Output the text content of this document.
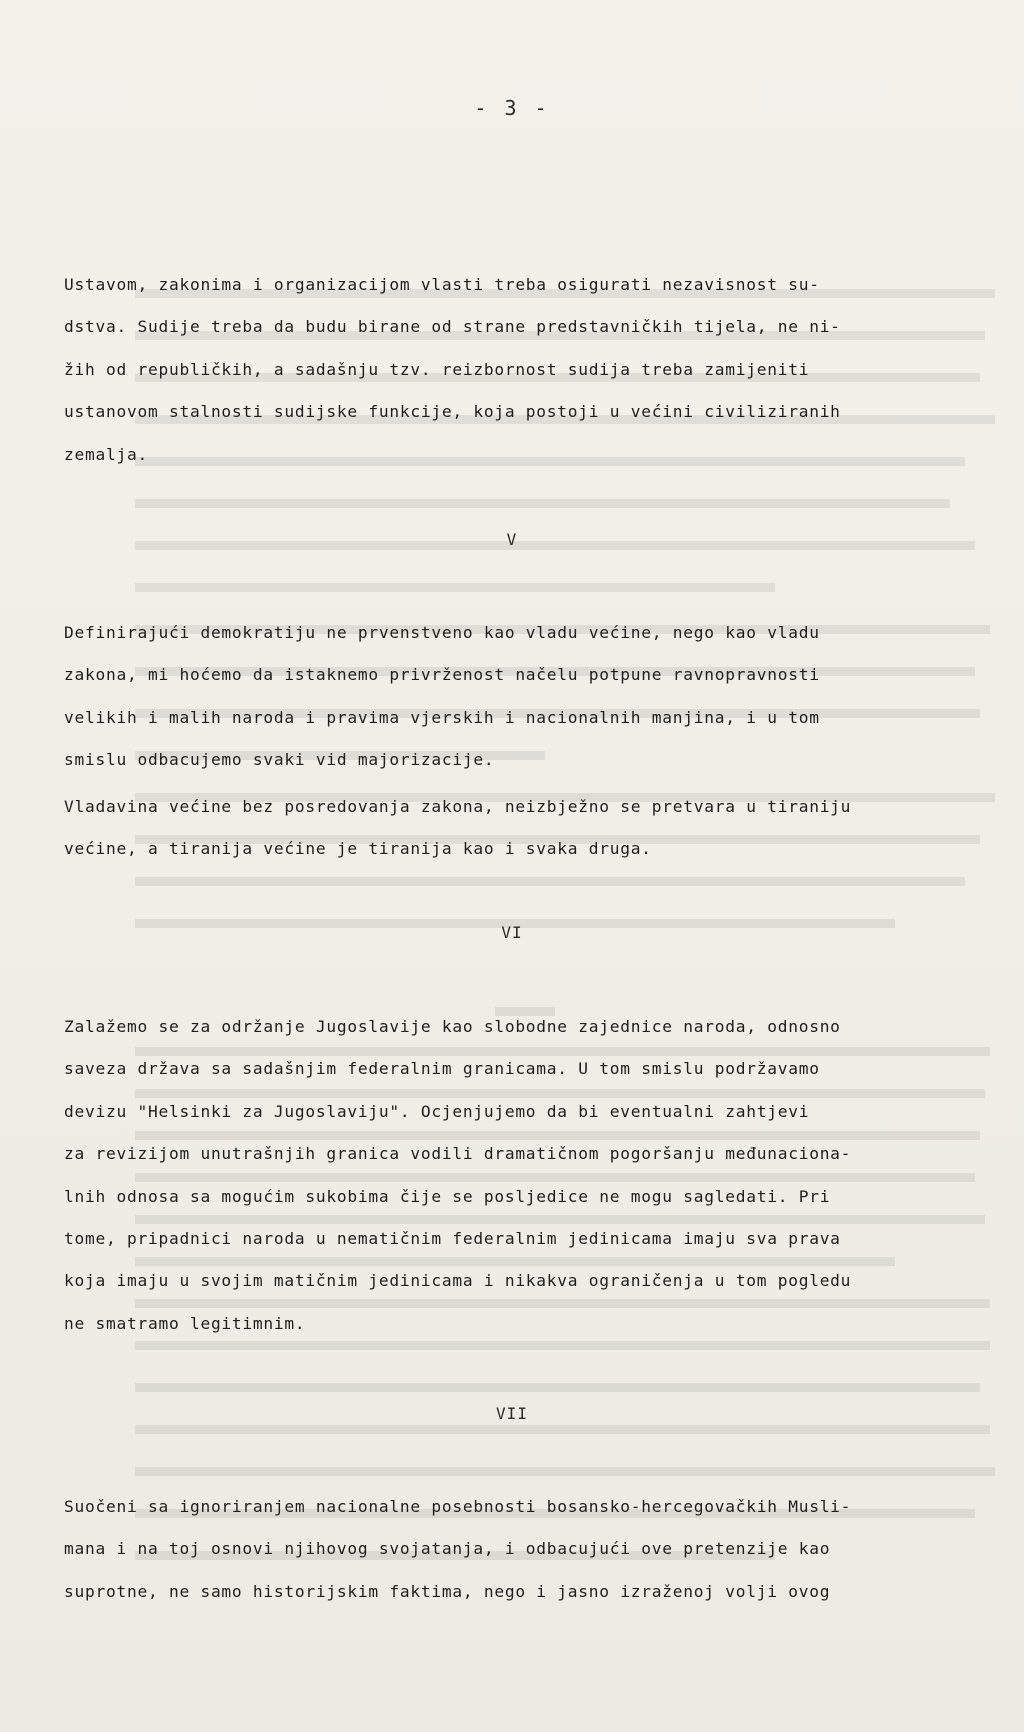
- 3 -
Ustavom, zakonima i organizacijom vlasti treba osigurati nezavisnost su-
dstva. Sudije treba da budu birane od strane predstavničkih tijela, ne ni-
žih od republičkih, a sadašnju tzv. reizbornost sudija treba zamijeniti
ustanovom stalnosti sudijske funkcije, koja postoji u većini civiliziranih
zemalja.
V
Definirajući demokratiju ne prvenstveno kao vladu većine, nego kao vladu
zakona, mi hoćemo da istaknemo privrženost načelu potpune ravnopravnosti
velikih i malih naroda i pravima vjerskih i nacionalnih manjina, i u tom
smislu odbacujemo svaki vid majorizacije.
Vladavina većine bez posredovanja zakona, neizbježno se pretvara u tiraniju
većine, a tiranija većine je tiranija kao i svaka druga.
VI
Zalažemo se za održanje Jugoslavije kao slobodne zajednice naroda, odnosno
saveza država sa sadašnjim federalnim granicama. U tom smislu podržavamo
devizu "Helsinki za Jugoslaviju". Ocjenjujemo da bi eventualni zahtjevi
za revizijom unutrašnjih granica vodili dramatičnom pogoršanju međunaciona-
lnih odnosa sa mogućim sukobima čije se posljedice ne mogu sagledati. Pri
tome, pripadnici naroda u nematičnim federalnim jedinicama imaju sva prava
koja imaju u svojim matičnim jedinicama i nikakva ograničenja u tom pogledu
ne smatramo legitimnim.
VII
Suočeni sa ignoriranjem nacionalne posebnosti bosansko-hercegovačkih Musli-
mana i na toj osnovi njihovog svojatanja, i odbacujući ove pretenzije kao
suprotne, ne samo historijskim faktima, nego i jasno izraženoj volji ovog
